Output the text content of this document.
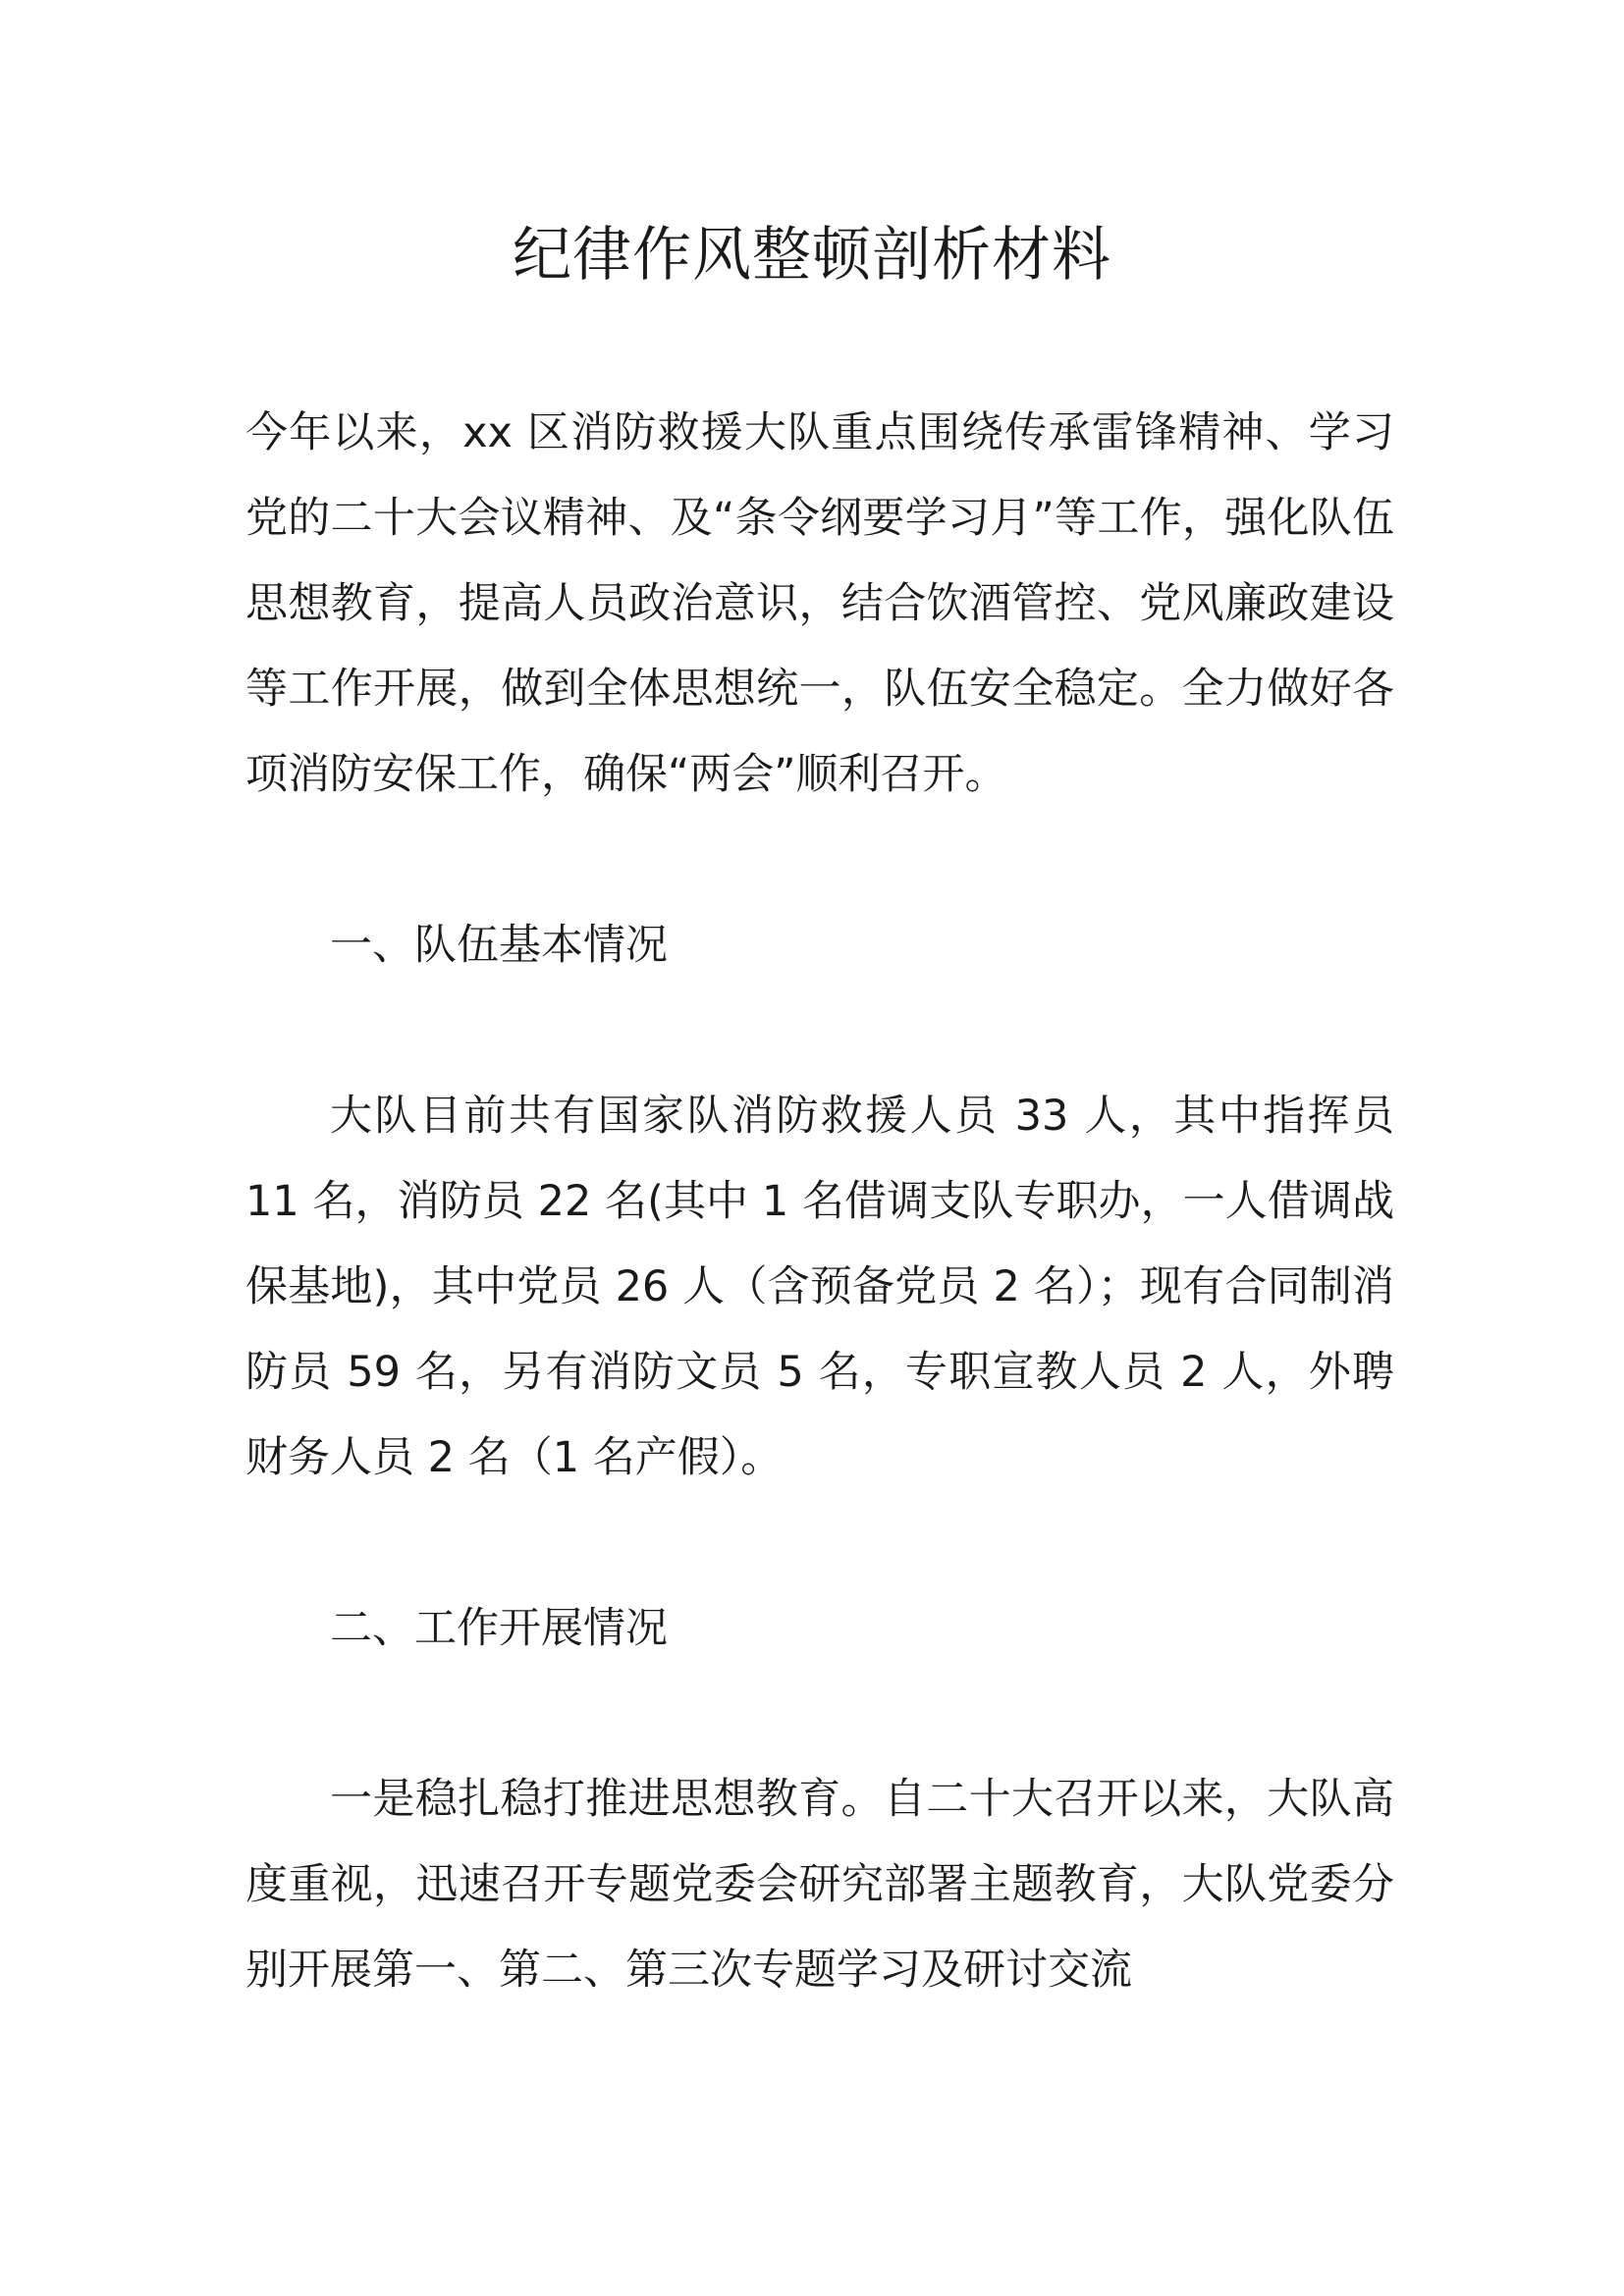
纪律作风整顿剖析材料

今年以来，xx 区消防救援大队重点围绕传承雷锋精神、学习党的二十大会议精神、及“条令纲要学习月”等工作，强化队伍思想教育，提高人员政治意识，结合饮酒管控、党风廉政建设等工作开展，做到全体思想统一，队伍安全稳定。全力做好各项消防安保工作，确保“两会”顺利召开。

一、队伍基本情况

大队目前共有国家队消防救援人员 33 人，其中指挥员 11 名，消防员 22 名(其中 1 名借调支队专职办，一人借调战保基地)，其中党员 26 人（含预备党员 2 名）；现有合同制消防员 59 名，另有消防文员 5 名，专职宣教人员 2 人，外聘财务人员 2 名（1 名产假）。

二、工作开展情况

一是稳扎稳打推进思想教育。自二十大召开以来，大队高度重视，迅速召开专题党委会研究部署主题教育，大队党委分别开展第一、第二、第三次专题学习及研讨交流
